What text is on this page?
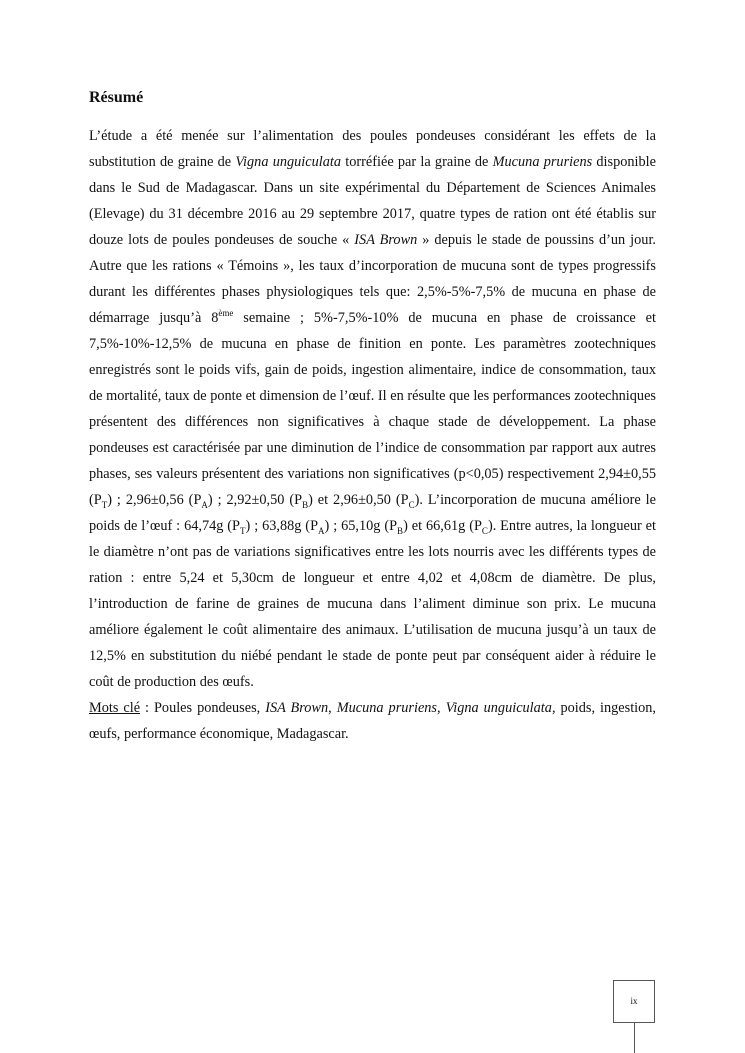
Résumé

L’étude a été menée sur l’alimentation des poules pondeuses considérant les effets de la substitution de graine de Vigna unguiculata torréfiée par la graine de Mucuna pruriens disponible dans le Sud de Madagascar. Dans un site expérimental du Département de Sciences Animales (Elevage) du 31 décembre 2016 au 29 septembre 2017, quatre types de ration ont été établis sur douze lots de poules pondeuses de souche « ISA Brown » depuis le stade de poussins d’un jour. Autre que les rations « Témoins », les taux d’incorporation de mucuna sont de types progressifs durant les différentes phases physiologiques tels que: 2,5%-5%-7,5% de mucuna en phase de démarrage jusqu’à 8ème semaine ; 5%-7,5%-10% de mucuna en phase de croissance et 7,5%-10%-12,5% de mucuna en phase de finition en ponte. Les paramètres zootechniques enregistrés sont le poids vifs, gain de poids, ingestion alimentaire, indice de consommation, taux de mortalité, taux de ponte et dimension de l’œuf. Il en résulte que les performances zootechniques présentent des différences non significatives à chaque stade de développement. La phase pondeuses est caractérisée par une diminution de l’indice de consommation par rapport aux autres phases, ses valeurs présentent des variations non significatives (p<0,05) respectivement 2,94±0,55 $(P_T)$ ; 2,96±0,56 $(P_A)$ ; 2,92±0,50 $(P_B)$ et 2,96±0,50 $(P_C)$. L’incorporation de mucuna améliore le poids de l’œuf : 64,74g $(P_T)$ ; 63,88g $(P_A)$ ; 65,10g $(P_B)$ et 66,61g $(P_C)$. Entre autres, la longueur et le diamètre n’ont pas de variations significatives entre les lots nourris avec les différents types de ration : entre 5,24 et 5,30cm de longueur et entre 4,02 et 4,08cm de diamètre. De plus, l’introduction de farine de graines de mucuna dans l’aliment diminue son prix. Le mucuna améliore également le coût alimentaire des animaux. L’utilisation de mucuna jusqu’à un taux de 12,5% en substitution du niébé pendant le stade de ponte peut par conséquent aider à réduire le coût de production des œufs.

Mots clé : Poules pondeuses, ISA Brown, Mucuna pruriens, Vigna unguiculata, poids, ingestion, œufs, performance économique, Madagascar.

ix
